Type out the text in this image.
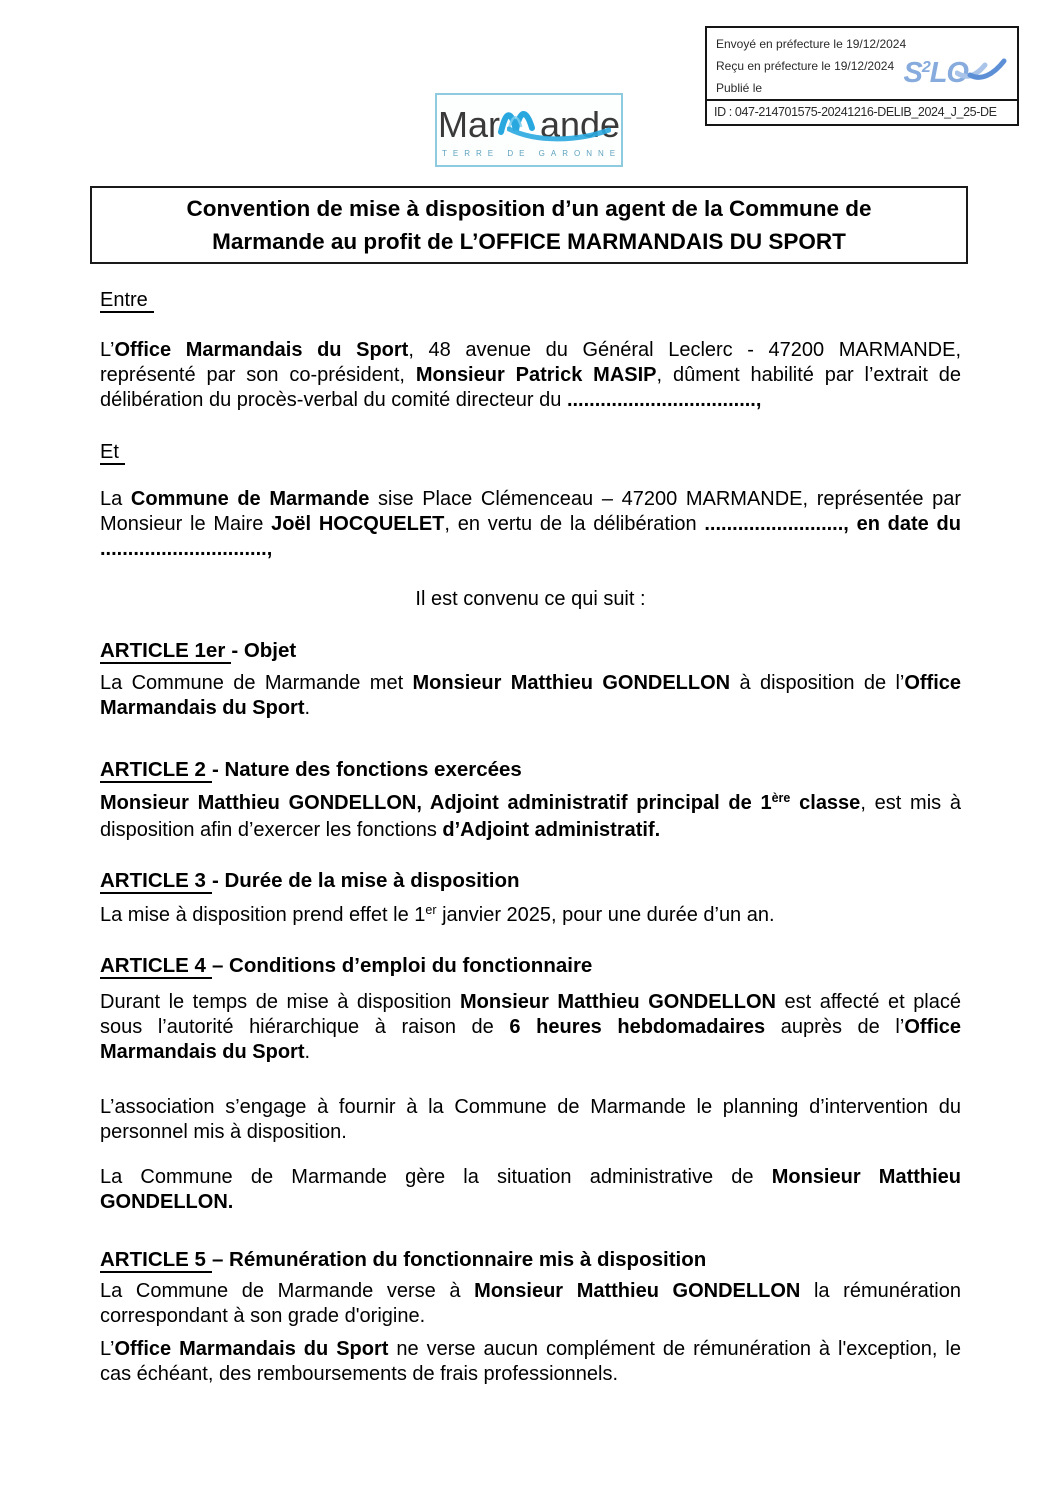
Envoyé en préfecture le 19/12/2024
Reçu en préfecture le 19/12/2024
Publié le	$S^2LO$
ID : 047-214701575-20241216-DELIB_2024_J_25-DE
Mar ande
TERRE DE GARONNE
Convention de mise à disposition d’un agent de la Commune de
Marmande au profit de L’OFFICE MARMANDAIS DU SPORT

Entre

L’Office Marmandais du Sport, 48 avenue du Général Leclerc - 47200 MARMANDE, représenté par son co-président, Monsieur Patrick MASIP, dûment habilité par l’extrait de délibération du procès-verbal du comité directeur du ..................................,

Et

La Commune de Marmande sise Place Clémenceau – 47200 MARMANDE, représentée par Monsieur le Maire Joël HOCQUELET, en vertu de la délibération ........................., en date du ..............................,

Il est convenu ce qui suit :

ARTICLE 1er - Objet

La Commune de Marmande met Monsieur Matthieu GONDELLON à disposition de l’Office Marmandais du Sport.

ARTICLE 2 - Nature des fonctions exercées

Monsieur Matthieu GONDELLON, Adjoint administratif principal de 1ère classe, est mis à disposition afin d’exercer les fonctions d’Adjoint administratif.

ARTICLE 3 - Durée de la mise à disposition

La mise à disposition prend effet le 1er janvier 2025, pour une durée d’un an.

ARTICLE 4 – Conditions d’emploi du fonctionnaire

Durant le temps de mise à disposition Monsieur Matthieu GONDELLON est affecté et placé sous l’autorité hiérarchique à raison de 6 heures hebdomadaires auprès de l’Office Marmandais du Sport.

L’association s’engage à fournir à la Commune de Marmande le planning d’intervention du personnel mis à disposition.

La Commune de Marmande gère la situation administrative de Monsieur Matthieu GONDELLON.

ARTICLE 5 – Rémunération du fonctionnaire mis à disposition

La Commune de Marmande verse à Monsieur Matthieu GONDELLON la rémunération correspondant à son grade d'origine.

L’Office Marmandais du Sport ne verse aucun complément de rémunération à l'exception, le cas échéant, des remboursements de frais professionnels.
